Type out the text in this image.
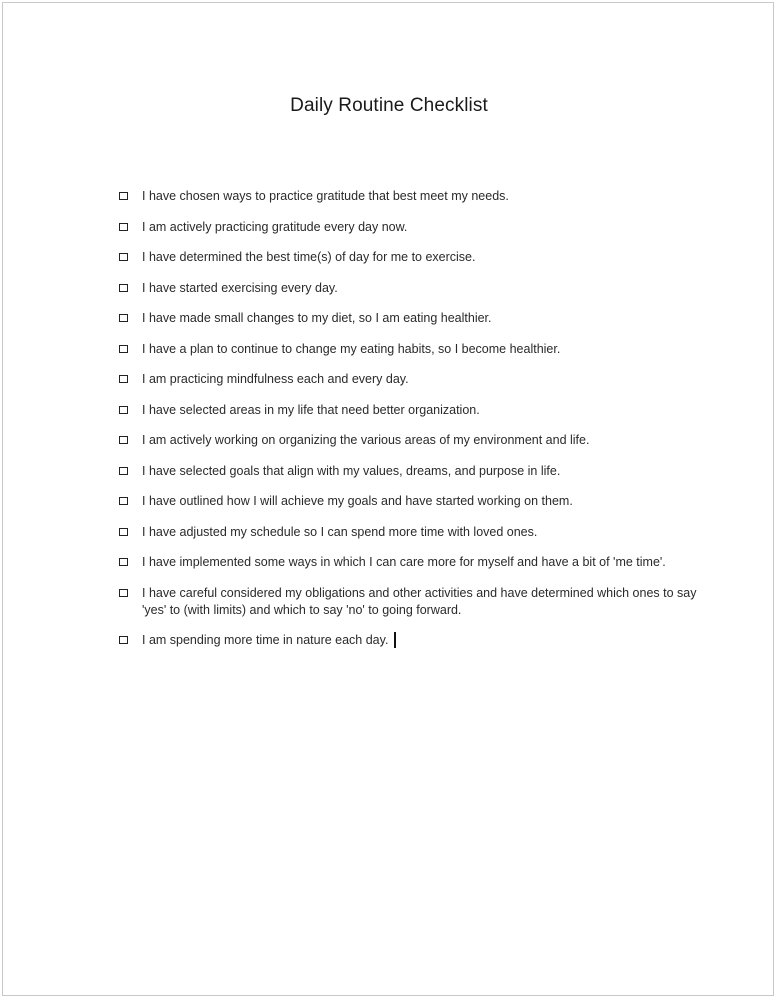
Daily Routine Checklist
I have chosen ways to practice gratitude that best meet my needs.
I am actively practicing gratitude every day now.
I have determined the best time(s) of day for me to exercise.
I have started exercising every day.
I have made small changes to my diet, so I am eating healthier.
I have a plan to continue to change my eating habits, so I become healthier.
I am practicing mindfulness each and every day.
I have selected areas in my life that need better organization.
I am actively working on organizing the various areas of my environment and life.
I have selected goals that align with my values, dreams, and purpose in life.
I have outlined how I will achieve my goals and have started working on them.
I have adjusted my schedule so I can spend more time with loved ones.
I have implemented some ways in which I can care more for myself and have a bit of 'me time'.
I have careful considered my obligations and other activities and have determined which ones to say 'yes' to (with limits) and which to say 'no' to going forward.
I am spending more time in nature each day.
